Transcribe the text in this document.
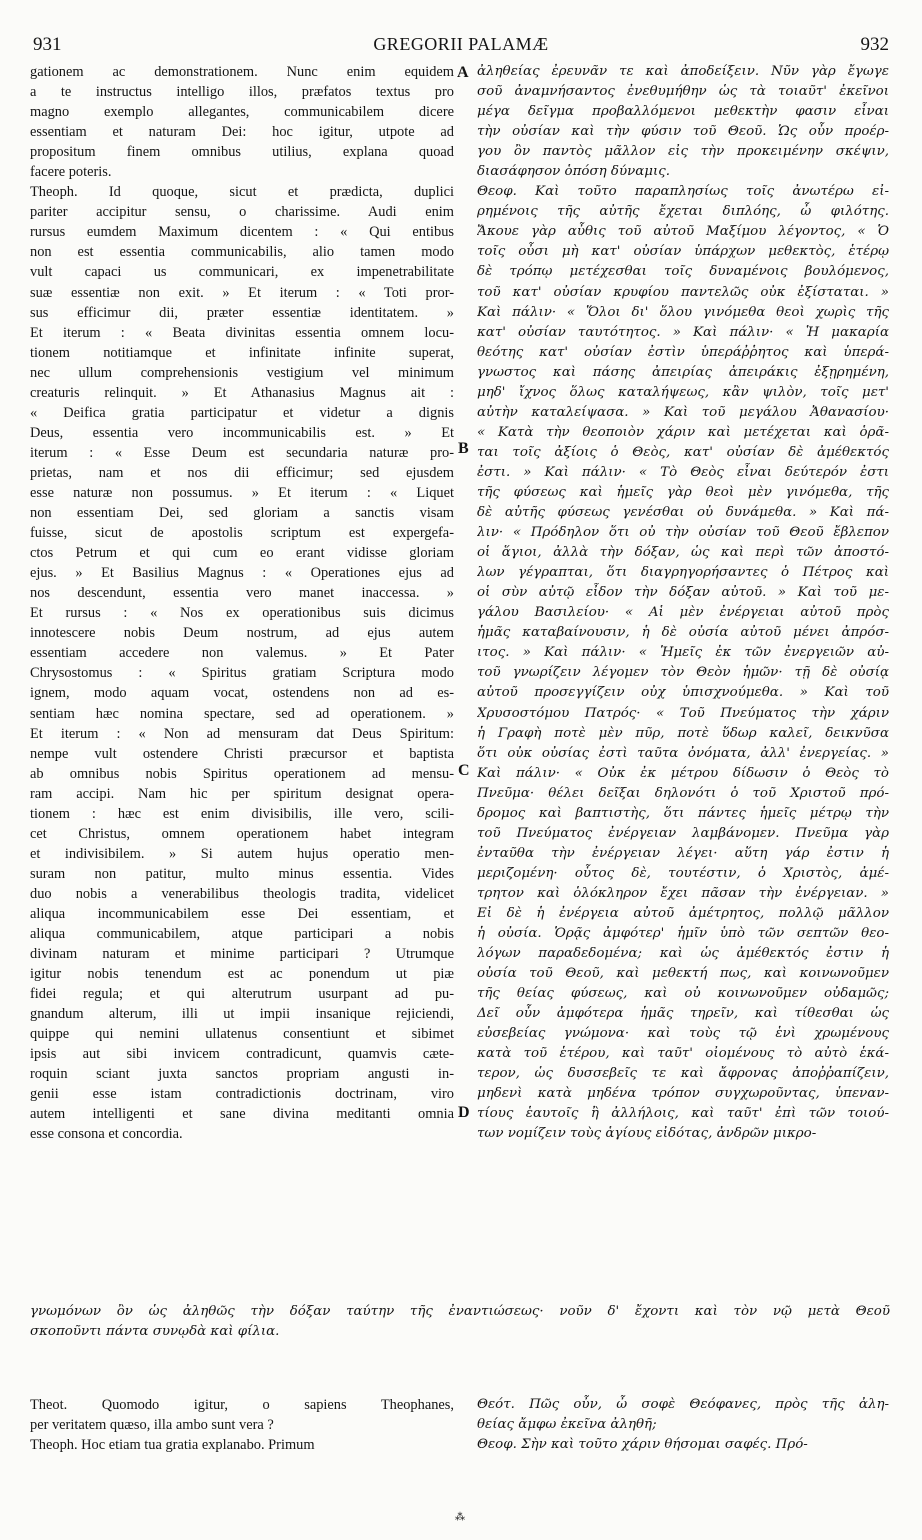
931	GREGORII PALAMÆ	932
A
B
C
D
gationem ac demonstrationem. Nunc enim equidem
a te instructus intelligo illos, præfatos textus pro
magno exemplo allegantes, communicabilem dicere
essentiam et naturam Dei: hoc igitur, utpote ad
propositum finem omnibus utilius, explana quoad
facere poteris.
Theoph. Id quoque, sicut et prædicta, duplici
pariter accipitur sensu, o charissime. Audi enim
rursus eumdem Maximum dicentem : « Qui entibus
non est essentia communicabilis, alio tamen modo
vult capaci us communicari, ex impenetrabilitate
suæ essentiæ non exit. » Et iterum : « Toti pror-
sus efficimur dii, præter essentiæ identitatem. »
Et iterum : « Beata divinitas essentia omnem locu-
tionem notitiamque et infinitate infinite superat,
nec ullum comprehensionis vestigium vel minimum
creaturis relinquit. » Et Athanasius Magnus ait :
« Deifica gratia participatur et videtur a dignis
Deus, essentia vero incommunicabilis est. » Et
iterum : « Esse Deum est secundaria naturæ pro-
prietas, nam et nos dii efficimur; sed ejusdem
esse naturæ non possumus. » Et iterum : « Liquet
non essentiam Dei, sed gloriam a sanctis visam
fuisse, sicut de apostolis scriptum est expergefa-
ctos Petrum et qui cum eo erant vidisse gloriam
ejus. » Et Basilius Magnus : « Operationes ejus ad
nos descendunt, essentia vero manet inaccessa. »
Et rursus : « Nos ex operationibus suis dicimus
innotescere nobis Deum nostrum, ad ejus autem
essentiam accedere non valemus. » Et Pater
Chrysostomus : « Spiritus gratiam Scriptura modo
ignem, modo aquam vocat, ostendens non ad es-
sentiam hæc nomina spectare, sed ad operationem. »
Et iterum : « Non ad mensuram dat Deus Spiritum:
nempe vult ostendere Christi præcursor et baptista
ab omnibus nobis Spiritus operationem ad mensu-
ram accipi. Nam hic per spiritum designat opera-
tionem : hæc est enim divisibilis, ille vero, scili-
cet Christus, omnem operationem habet integram
et indivisibilem. » Si autem hujus operatio men-
suram non patitur, multo minus essentia. Vides
duo nobis a venerabilibus theologis tradita, videlicet
aliqua incommunicabilem esse Dei essentiam, et
aliqua communicabilem, atque participari a nobis
divinam naturam et minime participari ? Utrumque
igitur nobis tenendum est ac ponendum ut piæ
fidei regula; et qui alterutrum usurpant ad pu-
gnandum alterum, illi ut impii insanique rejiciendi,
quippe qui nemini ullatenus consentiunt et sibimet
ipsis aut sibi invicem contradicunt, quamvis cæte-
roquin sciant juxta sanctos propriam angusti in-
genii esse istam contradictionis doctrinam, viro
autem intelligenti et sane divina meditanti omnia
esse consona et concordia.
ἀληθείας ἐρευνᾶν τε καὶ ἀποδείξειν. Νῦν γὰρ ἔγωγε
σοῦ ἀναμνήσαντος ἐνεθυμήθην ὡς τὰ τοιαῦτ' ἐκεῖνοι
μέγα δεῖγμα προβαλλόμενοι μεθεκτὴν φασιν εἶναι
τὴν οὐσίαν καὶ τὴν φύσιν τοῦ Θεοῦ. Ὡς οὖν προέρ-
γου ὂν παντὸς μᾶλλον εἰς τὴν προκειμένην σκέψιν,
διασάφησον ὁπόση δύναμις.
Θεοφ. Καὶ τοῦτο παραπλησίως τοῖς ἀνωτέρω εἰ-
ρημένοις τῆς αὐτῆς ἔχεται διπλόης, ὦ φιλότης.
Ἄκουε γὰρ αὖθις τοῦ αὐτοῦ Μαξίμου λέγοντος, « Ὁ
τοῖς οὖσι μὴ κατ' οὐσίαν ὑπάρχων μεθεκτὸς, ἑτέρῳ
δὲ τρόπῳ μετέχεσθαι τοῖς δυναμένοις βουλόμενος,
τοῦ κατ' οὐσίαν κρυφίου παντελῶς οὐκ ἐξίσταται. »
Καὶ πάλιν· « Ὅλοι δι' ὅλου γινόμεθα θεοὶ χωρὶς τῆς
κατ' οὐσίαν ταυτότητος. » Καὶ πάλιν· « Ἡ μακαρία
θεότης κατ' οὐσίαν ἐστὶν ὑπεράῤῥητος καὶ ὑπερά-
γνωστος καὶ πάσης ἀπειρίας ἀπειράκις ἐξῃρημένη,
μηδ' ἴχνος ὅλως καταλήψεως, κἂν ψιλὸν, τοῖς μετ'
αὐτὴν καταλείψασα. » Καὶ τοῦ μεγάλου Ἀθανασίου·
« Κατὰ τὴν θεοποιὸν χάριν καὶ μετέχεται καὶ ὁρᾶ-
ται τοῖς ἀξίοις ὁ Θεὸς, κατ' οὐσίαν δὲ ἀμέθεκτός
ἐστι. » Καὶ πάλιν· « Τὸ Θεὸς εἶναι δεύτερόν ἐστι
τῆς φύσεως καὶ ἡμεῖς γὰρ θεοὶ μὲν γινόμεθα, τῆς
δὲ αὐτῆς φύσεως γενέσθαι οὐ δυνάμεθα. » Καὶ πά-
λιν· « Πρόδηλον ὅτι οὐ τὴν οὐσίαν τοῦ Θεοῦ ἔβλεπον
οἱ ἅγιοι, ἀλλὰ τὴν δόξαν, ὡς καὶ περὶ τῶν ἀποστό-
λων γέγραπται, ὅτι διαγρηγορήσαντες ὁ Πέτρος καὶ
οἱ σὺν αὐτῷ εἶδον τὴν δόξαν αὐτοῦ. » Καὶ τοῦ με-
γάλου Βασιλείου· « Αἱ μὲν ἐνέργειαι αὐτοῦ πρὸς
ἡμᾶς καταβαίνουσιν, ἡ δὲ οὐσία αὐτοῦ μένει ἀπρόσ-
ιτος. » Καὶ πάλιν· « Ἡμεῖς ἐκ τῶν ἐνεργειῶν αὐ-
τοῦ γνωρίζειν λέγομεν τὸν Θεὸν ἡμῶν· τῇ δὲ οὐσίᾳ
αὐτοῦ προσεγγίζειν οὐχ ὑπισχνούμεθα. » Καὶ τοῦ
Χρυσοστόμου Πατρός· « Τοῦ Πνεύματος τὴν χάριν
ἡ Γραφὴ ποτὲ μὲν πῦρ, ποτὲ ὕδωρ καλεῖ, δεικνῦσα
ὅτι οὐκ οὐσίας ἐστὶ ταῦτα ὀνόματα, ἀλλ' ἐνεργείας. »
Καὶ πάλιν· « Οὐκ ἐκ μέτρου δίδωσιν ὁ Θεὸς τὸ
Πνεῦμα· θέλει δεῖξαι δηλονότι ὁ τοῦ Χριστοῦ πρό-
δρομος καὶ βαπτιστὴς, ὅτι πάντες ἡμεῖς μέτρῳ τὴν
τοῦ Πνεύματος ἐνέργειαν λαμβάνομεν. Πνεῦμα γὰρ
ἐνταῦθα τὴν ἐνέργειαν λέγει· αὕτη γάρ ἐστιν ἡ
μεριζομένη· οὗτος δὲ, τουτέστιν, ὁ Χριστὸς, ἀμέ-
τρητον καὶ ὁλόκληρον ἔχει πᾶσαν τὴν ἐνέργειαν. »
Εἰ δὲ ἡ ἐνέργεια αὐτοῦ ἀμέτρητος, πολλῷ μᾶλλον
ἡ οὐσία. Ὁρᾷς ἀμφότερ' ἡμῖν ὑπὸ τῶν σεπτῶν θεο-
λόγων παραδεδομένα; καὶ ὡς ἀμέθεκτός ἐστιν ἡ
οὐσία τοῦ Θεοῦ, καὶ μεθεκτή πως, καὶ κοινωνοῦμεν
τῆς θείας φύσεως, καὶ οὐ κοινωνοῦμεν οὐδαμῶς;
Δεῖ οὖν ἀμφότερα ἡμᾶς τηρεῖν, καὶ τίθεσθαι ὡς
εὐσεβείας γνώμονα· καὶ τοὺς τῷ ἑνὶ χρωμένους
κατὰ τοῦ ἑτέρου, καὶ ταῦτ' οἰομένους τὸ αὐτὸ ἑκά-
τερον, ὡς δυσσεβεῖς τε καὶ ἄφρονας ἀποῤῥαπίζειν,
μηδενὶ κατὰ μηδένα τρόπον συγχωροῦντας, ὑπεναν-
τίους ἑαυτοῖς ἢ ἀλλήλοις, καὶ ταῦτ' ἐπὶ τῶν τοιού-
των νομίζειν τοὺς ἁγίους εἰδότας, ἀνδρῶν μικρο-
γνωμόνων ὂν ὡς ἀληθῶς τὴν δόξαν ταύτην τῆς ἐναντιώσεως· νοῦν δ' ἔχοντι καὶ τὸν νῷ μετὰ Θεοῦ
σκοποῦντι πάντα συνῳδὰ καὶ φίλια.
Theot. Quomodo igitur, o sapiens Theophanes,
per veritatem quæso, illa ambo sunt vera ?
Theoph. Hoc etiam tua gratia explanabo. Primum
Θεότ. Πῶς οὖν, ὦ σοφὲ Θεόφανες, πρὸς τῆς ἀλη-
θείας ἄμφω ἐκεῖνα ἀληθῆ;
Θεοφ. Σὴν καὶ τοῦτο χάριν θήσομαι σαφές. Πρό-
⁂
